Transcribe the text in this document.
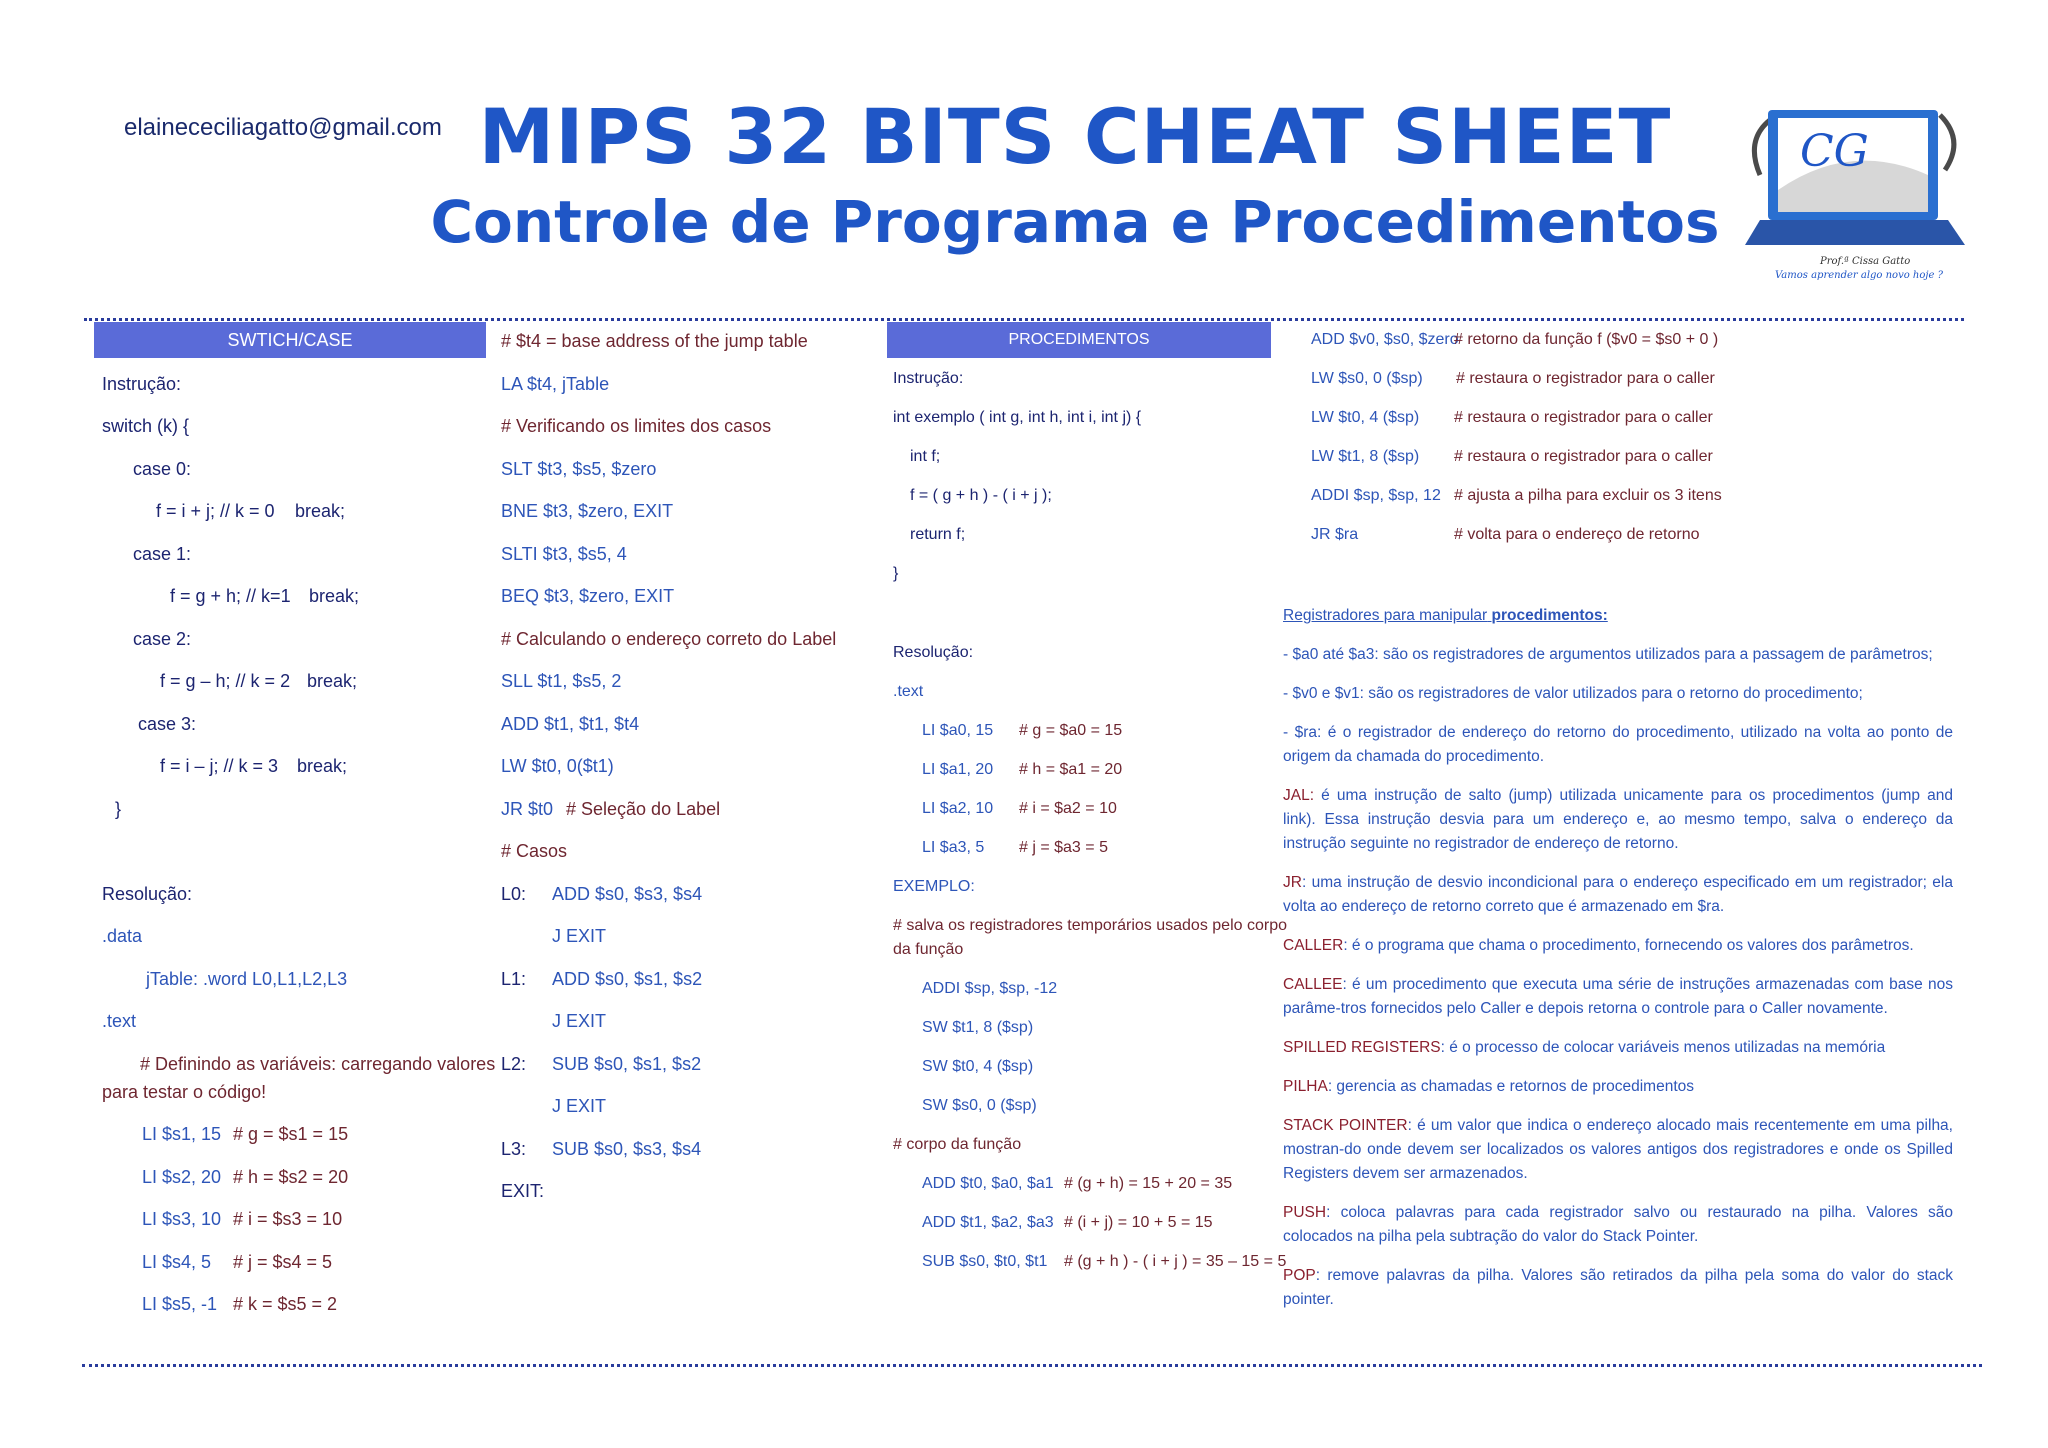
elainececiliagatto@gmail.com MIPS 32 BITS CHEAT SHEET
Controle de Programa e Procedimentos
CG
Prof.ª Cissa Gatto
Vamos aprender algo novo hoje ?
SWTICH/CASE
Instrução:
switch (k) {
case 0:
f = i + j; // k = 0 break;
case 1:
f = g + h; // k=1 break;
case 2:
f = g – h; // k = 2 break;
case 3:
f = i – j; // k = 3 break;
}
Resolução:
.data
jTable: .word L0,L1,L2,L3
.text
# Definindo as variáveis: carregando valores
para testar o código!
LI $s1, 15 # g = $s1 = 15
LI $s2, 20 # h = $s2 = 20
LI $s3, 10 # i = $s3 = 10
LI $s4, 5 # j = $s4 = 5
LI $s5, -1 # k = $s5 = 2
# $t4 = base address of the jump table
LA $t4, jTable
# Verificando os limites dos casos
SLT $t3, $s5, $zero
BNE $t3, $zero, EXIT
SLTI $t3, $s5, 4
BEQ $t3, $zero, EXIT
# Calculando o endereço correto do Label
SLL $t1, $s5, 2
ADD $t1, $t1, $t4
LW $t0, 0($t1)
JR $t0 # Seleção do Label
# Casos
L0: ADD $s0, $s3, $s4
J EXIT
L1: ADD $s0, $s1, $s2
J EXIT
L2: SUB $s0, $s1, $s2
J EXIT
L3: SUB $s0, $s3, $s4
EXIT:
PROCEDIMENTOS
Instrução:
int exemplo ( int g, int h, int i, int j) {
int f;
f = ( g + h ) - ( i + j );
return f;
}
Resolução:
.text
LI $a0, 15 # g = $a0 = 15
LI $a1, 20 # h = $a1 = 20
LI $a2, 10 # i = $a2 = 10
LI $a3, 5 # j = $a3 = 5
EXEMPLO:
# salva os registradores temporários usados pelo corpo
da função
ADDI $sp, $sp, -12
SW $t1, 8 ($sp)
SW $t0, 4 ($sp)
SW $s0, 0 ($sp)
# corpo da função
ADD $t0, $a0, $a1 # (g + h) = 15 + 20 = 35
ADD $t1, $a2, $a3 # (i + j) = 10 + 5 = 15
SUB $s0, $t0, $t1 # (g + h ) - ( i + j ) = 35 – 15 = 5
ADD $v0, $s0, $zero
# retorno da função f ($v0 = $s0 + 0 )
LW $s0, 0 ($sp) # restaura o registrador para o caller
LW $t0, 4 ($sp) # restaura o registrador para o caller
LW $t1, 8 ($sp) # restaura o registrador para o caller
ADDI $sp, $sp, 12 # ajusta a pilha para excluir os 3 itens
JR $ra	# volta para o endereço de retorno
Registradores para manipular procedimentos:
- $a0 até $a3: são os registradores de argumentos utilizados para a passagem de parâmetros;
- $v0 e $v1: são os registradores de valor utilizados para o retorno do procedimento;
- $ra: é o registrador de endereço do retorno do procedimento, utilizado na volta ao ponto de origem da chamada do procedimento.
JAL: é uma instrução de salto (jump) utilizada unicamente para os procedimentos (jump and link). Essa instrução desvia para um endereço e, ao mesmo tempo, salva o endereço da instrução seguinte no registrador de endereço de retorno.
JR: uma instrução de desvio incondicional para o endereço especificado em um registrador; ela volta ao endereço de retorno correto que é armazenado em $ra.
CALLER: é o programa que chama o procedimento, fornecendo os valores dos parâmetros.
CALLEE: é um procedimento que executa uma série de instruções armazenadas com base nos parâme-tros fornecidos pelo Caller e depois retorna o controle para o Caller novamente.
SPILLED REGISTERS: é o processo de colocar variáveis menos utilizadas na memória
PILHA: gerencia as chamadas e retornos de procedimentos
STACK POINTER: é um valor que indica o endereço alocado mais recentemente em uma pilha, mostran-do onde devem ser localizados os valores antigos dos registradores e onde os Spilled Registers devem ser armazenados.
PUSH: coloca palavras para cada registrador salvo ou restaurado na pilha. Valores são colocados na pilha pela subtração do valor do Stack Pointer.
POP: remove palavras da pilha. Valores são retirados da pilha pela soma do valor do stack pointer.
